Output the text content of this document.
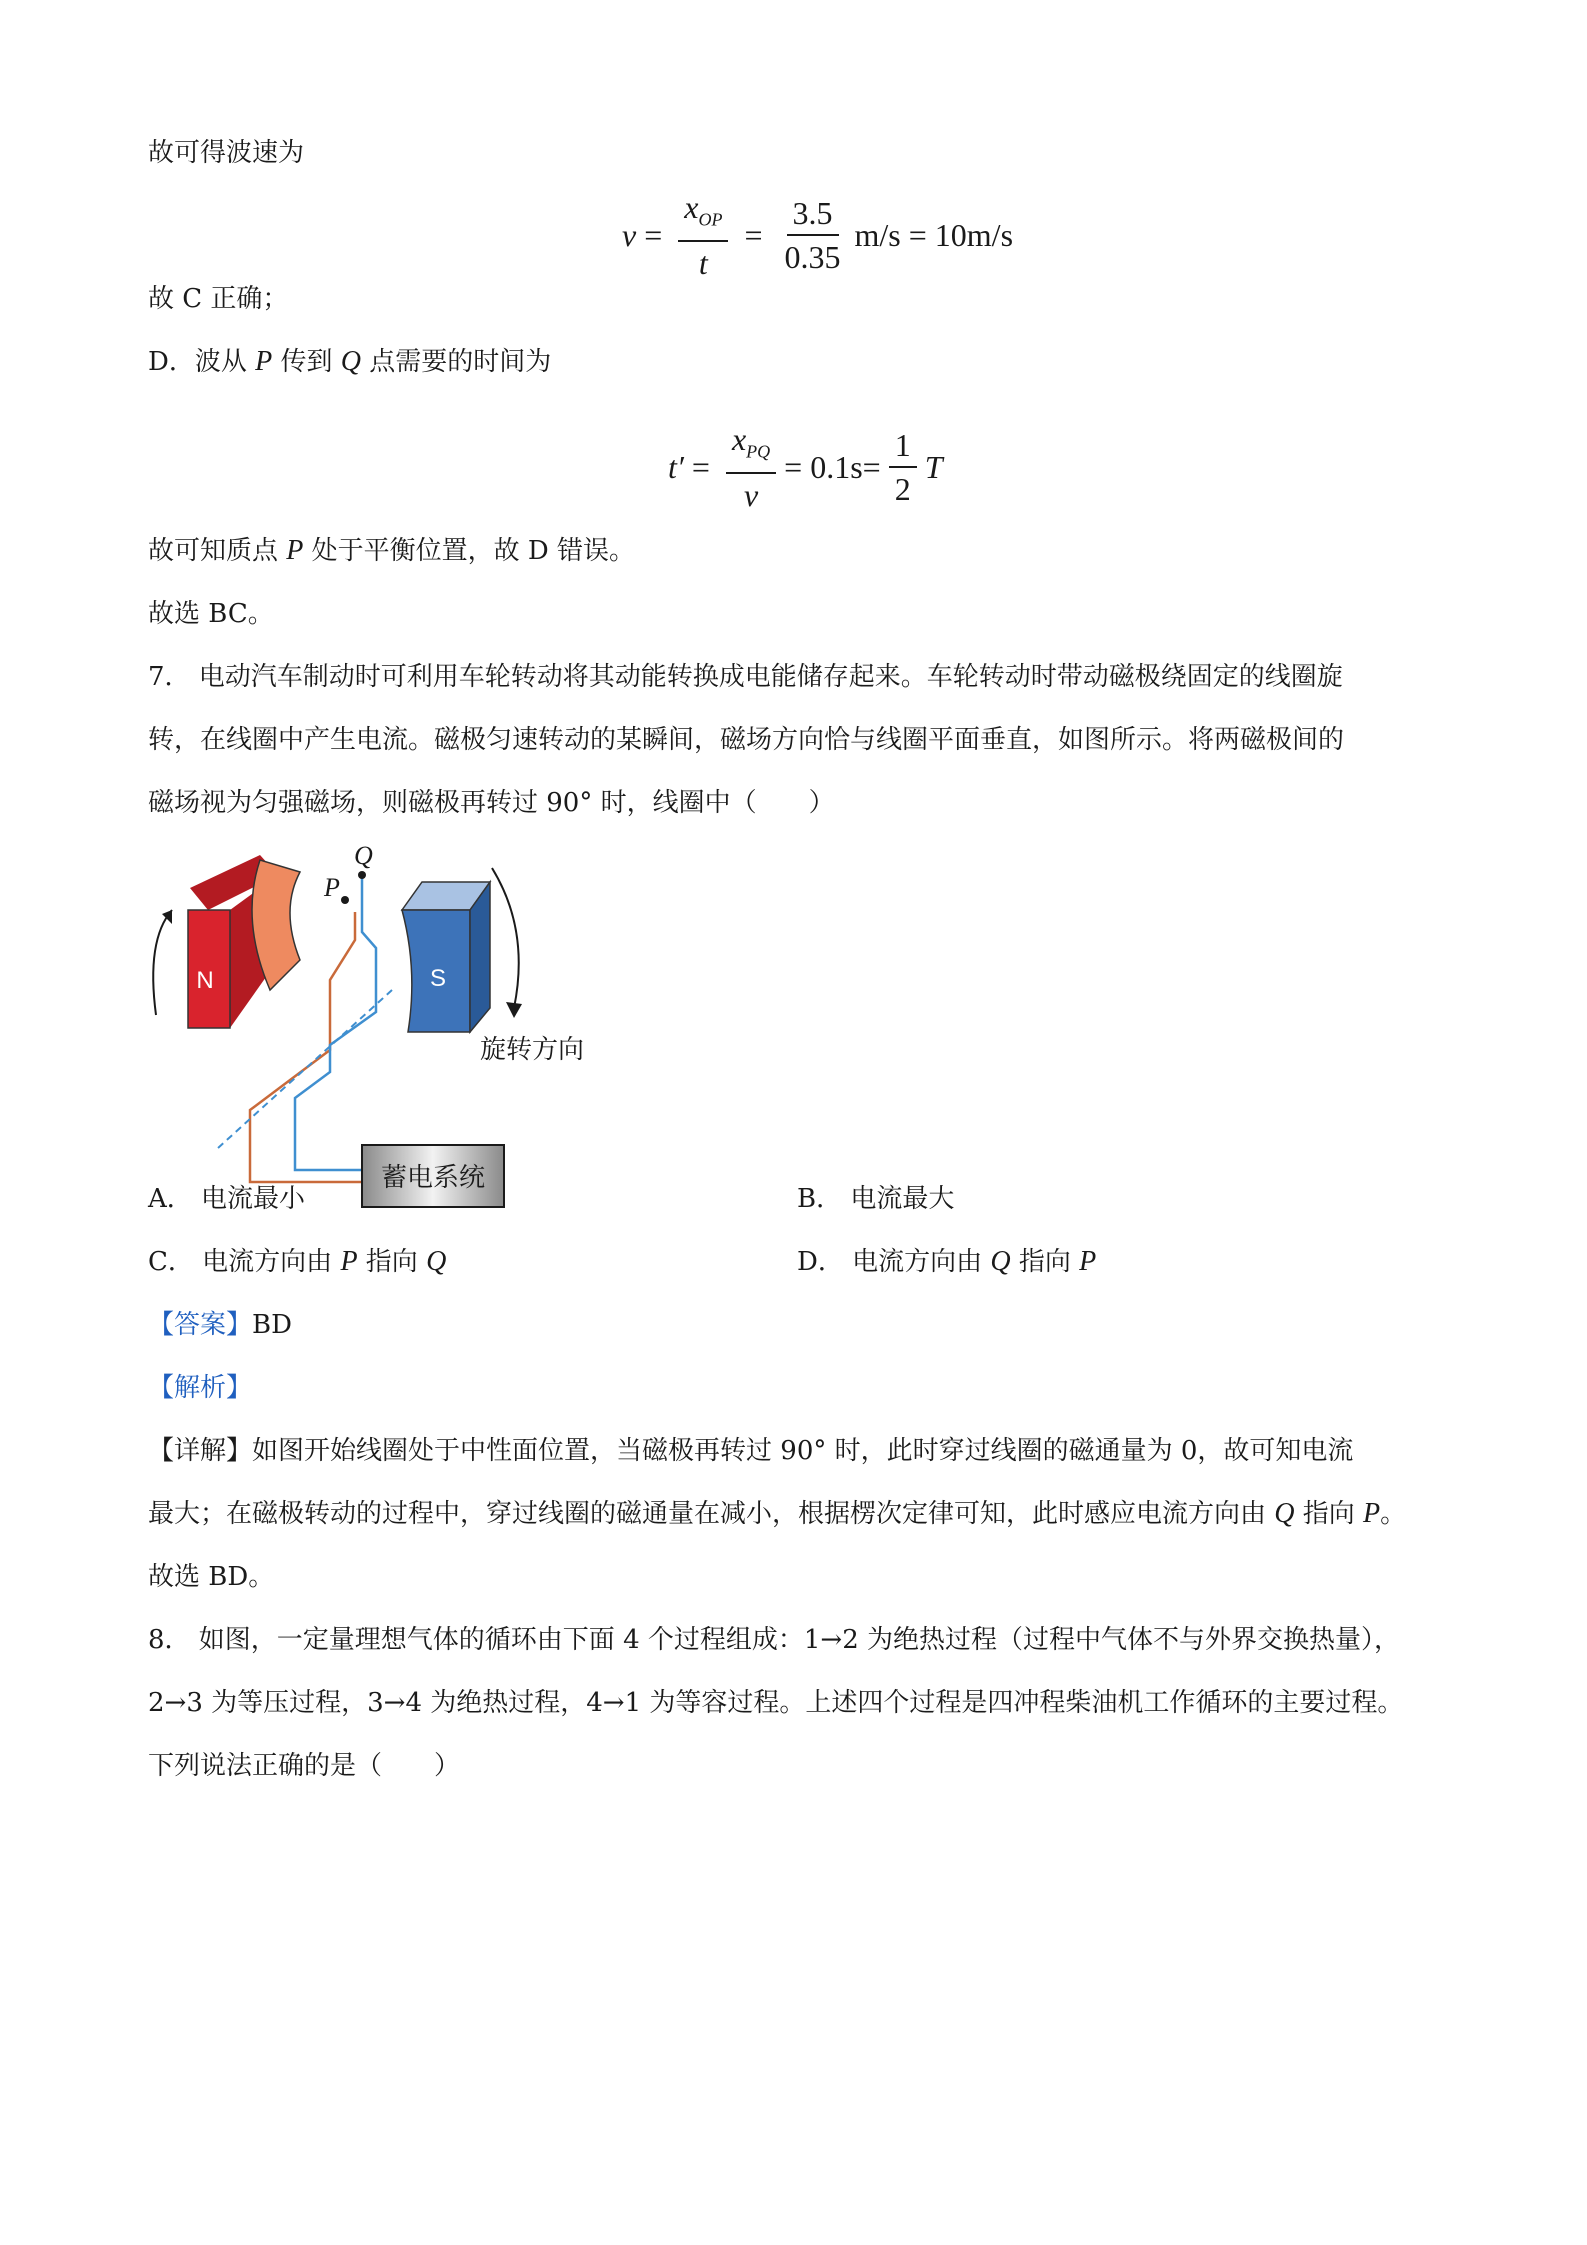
故可得波速为
$v = \frac{x_{OP}}{t} = \frac{3.5}{0.35} m/s = 10m/s$
故 C 正确；
D．波从 P 传到 Q 点需要的时间为
$t' = \frac{x_{PQ}}{v} = 0.1s= \frac{1}{2}$ T
故可知质点 P 处于平衡位置，故 D 错误。
故选 BC。
7． 电动汽车制动时可利用车轮转动将其动能转换成电能储存起来。车轮转动时带动磁极绕固定的线圈旋
转，在线圈中产生电流。磁极匀速转动的某瞬间，磁场方向恰与线圈平面垂直，如图所示。将两磁极间的
磁场视为匀强磁场，则磁极再转过 90° 时，线圈中（　　）
N
P
Q
S
旋转方向
蓄电系统
A． 电流最小	B． 电流最大
C． 电流方向由 P 指向 Q	D． 电流方向由 Q 指向 P
【答案】BD
【解析】
【详解】如图开始线圈处于中性面位置，当磁极再转过 90° 时，此时穿过线圈的磁通量为 0，故可知电流
最大；在磁极转动的过程中，穿过线圈的磁通量在减小，根据楞次定律可知，此时感应电流方向由 Q 指向 P。
故选 BD。
8． 如图，一定量理想气体的循环由下面 4 个过程组成：1→2 为绝热过程（过程中气体不与外界交换热量），
2→3 为等压过程，3→4 为绝热过程，4→1 为等容过程。上述四个过程是四冲程柴油机工作循环的主要过程。
下列说法正确的是（　　）
